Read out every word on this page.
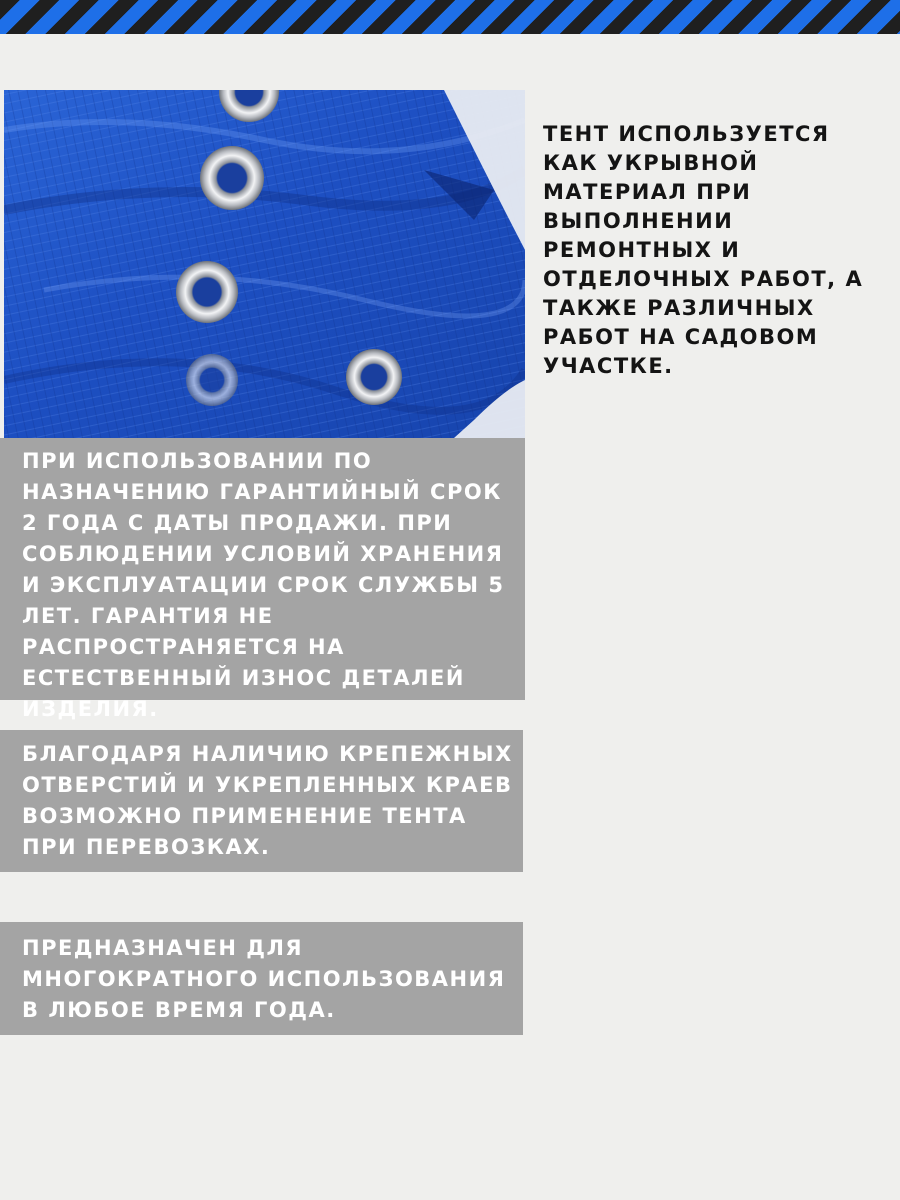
ТЕНТ ИСПОЛЬЗУЕТСЯ КАК УКРЫВНОЙ МАТЕРИАЛ ПРИ ВЫПОЛНЕНИИ РЕМОНТНЫХ И ОТДЕЛОЧНЫХ РАБОТ, А ТАКЖЕ РАЗЛИЧНЫХ РАБОТ НА САДОВОМ УЧАСТКЕ.

ПРИ ИСПОЛЬЗОВАНИИ ПО НАЗНАЧЕНИЮ ГАРАНТИЙНЫЙ СРОК 2 ГОДА С ДАТЫ ПРОДАЖИ. ПРИ СОБЛЮДЕНИИ УСЛОВИЙ ХРАНЕНИЯ И ЭКСПЛУАТАЦИИ СРОК СЛУЖБЫ 5 ЛЕТ. ГАРАНТИЯ НЕ РАСПРОСТРАНЯЕТСЯ НА ЕСТЕСТВЕННЫЙ ИЗНОС ДЕТАЛЕЙ ИЗДЕЛИЯ.

БЛАГОДАРЯ НАЛИЧИЮ КРЕПЕЖНЫХ ОТВЕРСТИЙ И УКРЕПЛЕННЫХ КРАЕВ ВОЗМОЖНО ПРИМЕНЕНИЕ ТЕНТА ПРИ ПЕРЕВОЗКАХ.

ПРЕДНАЗНАЧЕН ДЛЯ МНОГОКРАТНОГО ИСПОЛЬЗОВАНИЯ В ЛЮБОЕ ВРЕМЯ ГОДА.
